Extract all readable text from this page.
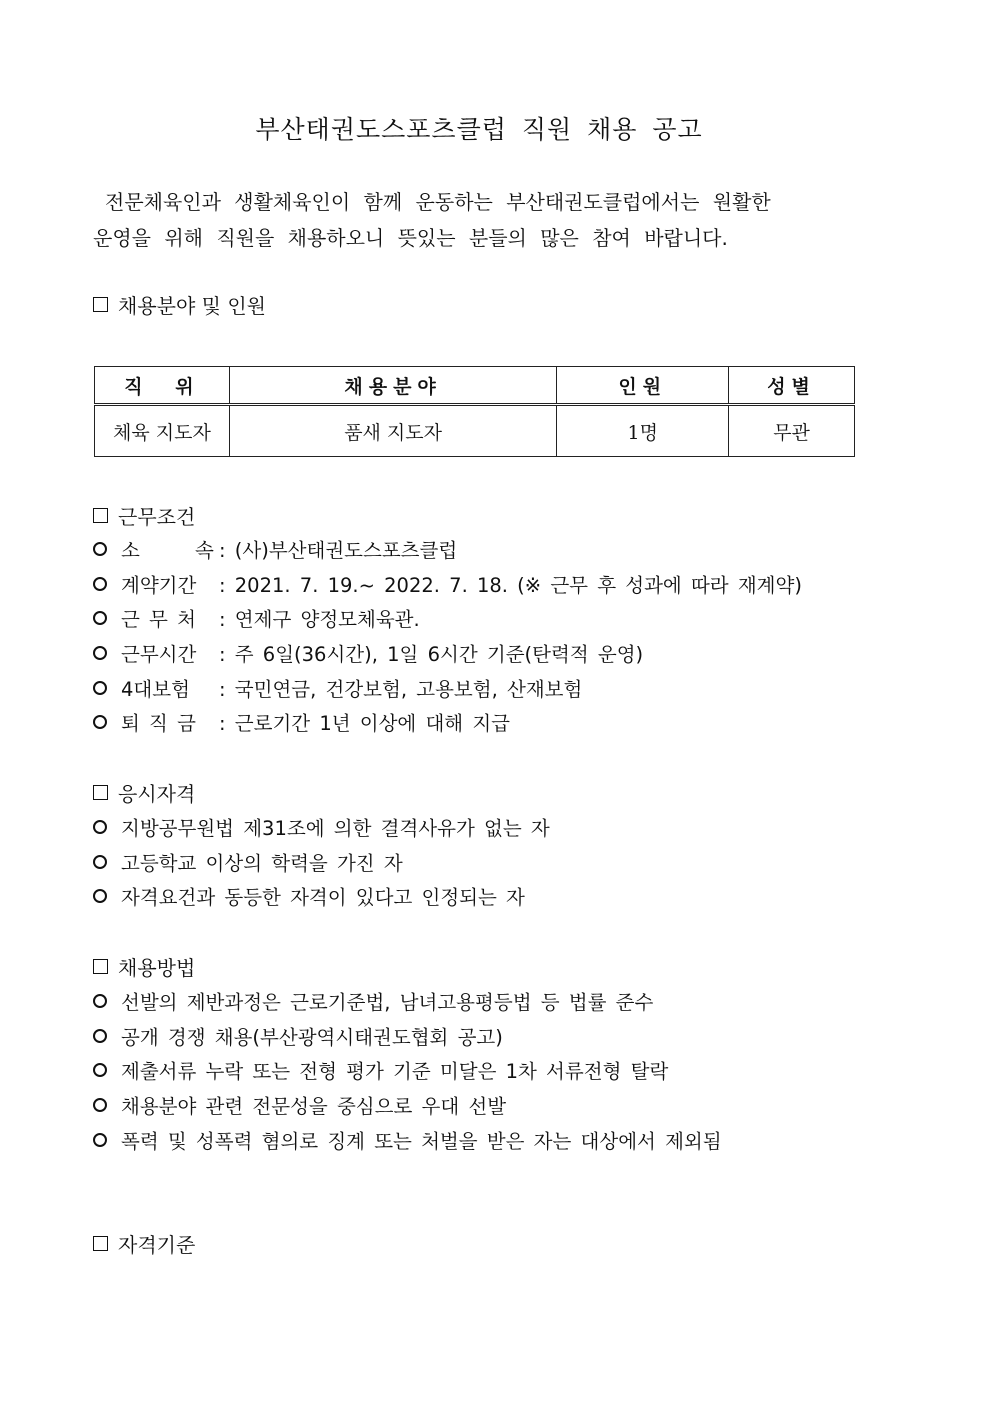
부산태권도스포츠클럽 직원 채용 공고

전문체육인과 생활체육인이 함께 운동하는 부산태권도클럽에서는 원활한

운영을 위해 직원을 채용하오니 뜻있는 분들의 많은 참여 바랍니다.

채용분야 및 인원
직 위	채용분야	인원	성별
체육 지도자	품새 지도자	1명	무관
근무조건
소      속 : (사)부산태권도스포츠클럽
계약기간	: 2021. 7. 19.~ 2022. 7. 18. (※ 근무 후 성과에 따라 재계약)
근 무 처	: 연제구 양정모체육관.
근무시간	: 주 6일(36시간), 1일 6시간 기준(탄력적 운영)
4대보험	: 국민연금, 건강보험, 고용보험, 산재보험
퇴 직 금	: 근로기간 1년 이상에 대해 지급
응시자격
지방공무원법 제31조에 의한 결격사유가 없는 자
고등학교 이상의 학력을 가진 자
자격요건과 동등한 자격이 있다고 인정되는 자
채용방법
선발의 제반과정은 근로기준법, 남녀고용평등법 등 법률 준수
공개 경쟁 채용(부산광역시태권도협회 공고)
제출서류 누락 또는 전형 평가 기준 미달은 1차 서류전형 탈락
채용분야 관련 전문성을 중심으로 우대 선발
폭력 및 성폭력 혐의로 징계 또는 처벌을 받은 자는 대상에서 제외됨
자격기준
